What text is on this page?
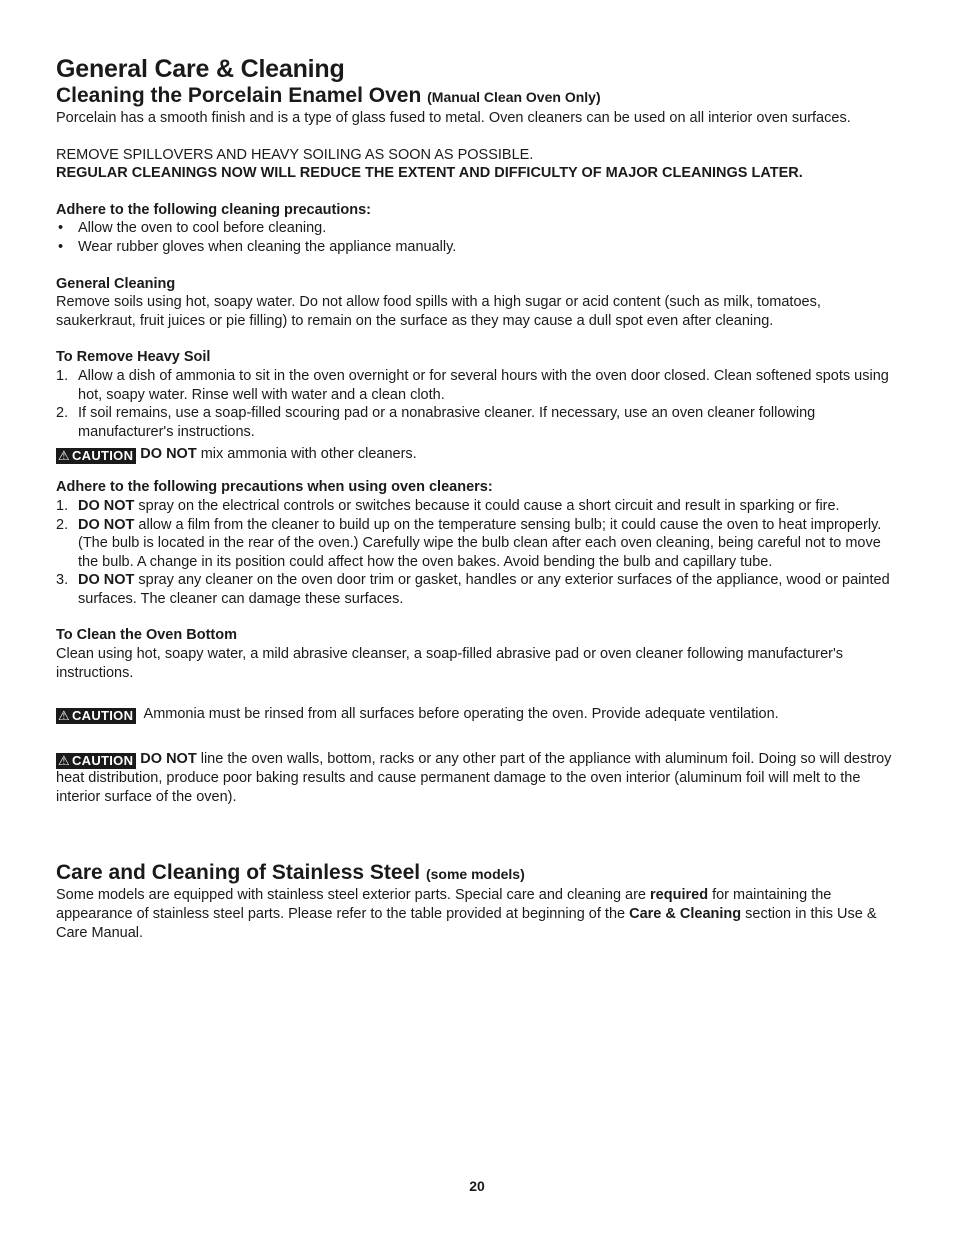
General Care & Cleaning
Cleaning the Porcelain Enamel Oven (Manual Clean Oven Only)

Porcelain has a smooth finish and is a type of glass fused to metal. Oven cleaners can be used on all interior oven surfaces.

REMOVE SPILLOVERS AND HEAVY SOILING AS SOON AS POSSIBLE.

REGULAR CLEANINGS NOW WILL REDUCE THE EXTENT AND DIFFICULTY OF MAJOR CLEANINGS LATER.

Adhere to the following cleaning precautions:

• Allow the oven to cool before cleaning.
• Wear rubber gloves when cleaning the appliance manually.

General Cleaning

Remove soils using hot, soapy water. Do not allow food spills with a high sugar or acid content (such as milk, tomatoes, saukerkraut, fruit juices or pie filling) to remain on the surface as they may cause a dull spot even after cleaning.

To Remove Heavy Soil

1. Allow a dish of ammonia to sit in the oven overnight or for several hours with the oven door closed. Clean softened spots using hot, soapy water. Rinse well with water and a clean cloth.
2. If soil remains, use a soap-filled scouring pad or a nonabrasive cleaner. If necessary, use an oven cleaner following manufacturer's instructions.

⚠ CAUTION DO NOT mix ammonia with other cleaners.

Adhere to the following precautions when using oven cleaners:

1. DO NOT spray on the electrical controls or switches because it could cause a short circuit and result in sparking or fire.
2. DO NOT allow a film from the cleaner to build up on the temperature sensing bulb; it could cause the oven to heat improperly. (The bulb is located in the rear of the oven.) Carefully wipe the bulb clean after each oven cleaning, being careful not to move the bulb. A change in its position could affect how the oven bakes. Avoid bending the bulb and capillary tube.
3. DO NOT spray any cleaner on the oven door trim or gasket, handles or any exterior surfaces of the appliance, wood or painted surfaces. The cleaner can damage these surfaces.

To Clean the Oven Bottom

Clean using hot, soapy water, a mild abrasive cleanser, a soap-filled abrasive pad or oven cleaner following manufacturer's instructions.

⚠ CAUTION Ammonia must be rinsed from all surfaces before operating the oven. Provide adequate ventilation.

⚠ CAUTION DO NOT line the oven walls, bottom, racks or any other part of the appliance with aluminum foil. Doing so will destroy heat distribution, produce poor baking results and cause permanent damage to the oven interior (aluminum foil will melt to the interior surface of the oven).

Care and Cleaning of Stainless Steel (some models)

Some models are equipped with stainless steel exterior parts. Special care and cleaning are required for maintaining the appearance of stainless steel parts. Please refer to the table provided at beginning of the Care & Cleaning section in this Use & Care Manual.

20
